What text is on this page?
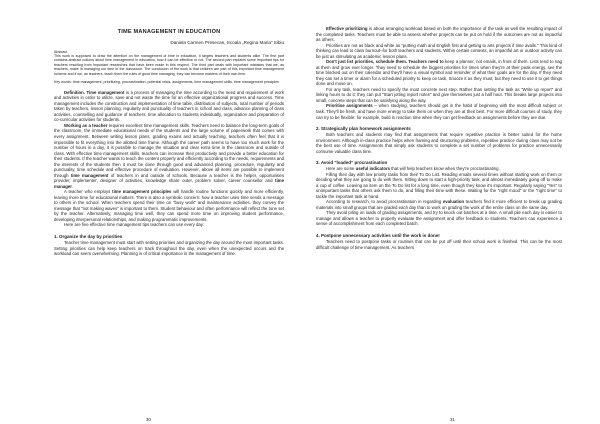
TIME MANAGEMENT IN EDUCATION
Daniela Carmen Presecan, Scoala „Regina Maria” Sibiu

Abstract

This work is supposed to draw the attention on the management of time in education, it targets teachers and students alike. The first part contains abstract notions about time management in education, how it can be effective or not. The second part explains some important tips for teachers resulting from important researches that have been made in this respect. The third part deals with important mistakes that we, as teachers, make in managing our time in the classroom. The conclusion of the work is that children are part of this important time management scheme and if we, as teachers, teach them the rules of good time managing, they can become masters of their own time.

Key words: time management, prioritizing, procrastination, potential crisis, assignments, time management skills, time management principles

Definition. Time management is a process of managing the time according to the need and requirement of work and activities in order to utilize, save and not waste the time for an effective organizational progress and success. Time management includes the construction and implementation of time table, distribution of subjects, total number of periods taken by teachers, lesson planning, regularity and punctuality of teachers in school and class, advance planning of class activities, counselling and guidance of teachers, time allocation to students individually, organization and preparation of co-curricular activities for students.

Working as a teacher requires excellent time management skills. Teachers need to balance the long-term goals of the classroom, the immediate educational needs of the students and the large volume of paperwork that comes with every assignment. Between writing lesson plans, grading exams and actually teaching, teachers often feel that it is impossible to fit everything into the allotted time frame. Although the career path seems to have too much work for the number of hours in a day, it is possible to manage the situation and clear extra time in the classroom and outside of class. With effective time management skills, teachers can increase their productivity and provide a better education for their students. If the teacher wants to teach the content properly and efficiently according to the needs, requirements and the interests of the students then it must be done through good and advanced planning, procedure, regularity and punctuality, time schedule and effective procedure of evaluation. However, above all items are possible to implement through time management of teachers in and outside of schools. Because a teacher is the helper, opportunities provider, implementer, designer of activities, knowledge share outer, problem solver, career counsellor and time manager.

A teacher who employs time management principles will handle routine functions quickly and more efficiently, leaving more time for educational matters. There is also a symbolic concern: how a teacher uses time sends a message to others in the school. When teachers spend their time on "busy work" and maintenance activities, they convey the message that "not making waves" is important to them. Student behaviour and often performance will reflect the tone set by the teacher. Alternatively, managing time well, they can spend more time on improving student performance, developing interpersonal relationships, and making programmatic improvements.

Here are five effective time management tips teachers can use every day:

1. Organize the day by priorities

Teacher time management must start with setting priorities and organizing the day around the most important tasks. Setting priorities can help keep teachers on track throughout the day, even when the unexpected occurs and the workload can seem overwhelming. Planning is of critical importance in the management of time.

30

Effective prioritizing is about arranging workload based on both the importance of the task as well the resulting impact of the completed tasks. Teachers must be able to assess whether projects can be put on hold if the outcomes are not as impactful as others.

Priorities are not as black and white as "putting math and English first and getting to arts projects if time avails." This kind of thinking can lead to class burnout–for both teachers and students. Within certain contexts, an impactful art or outdoor activity can be just as stimulating as academic lesson plans.

Don't just list priorities, schedule them. Teachers need to keep a planner, not emails, in front of them. Lists tend to nag at them and grow ever longer. They need to schedule the biggest priorities for times when they're at their peak energy, see the time blocked out on their calendar and they'll have a visual symbol and reminder of what their goals are for the day. If they need they can set a timer or alarm for a scheduled priority to keep on task, Snooze it as they must, but they need to use it to get things done and move on.

For any task, teachers need to specify the most concrete next step. Rather than setting the task as "Write up report" and linking hours to do it; they can put "Start jotting report notes" and give themselves just a half hour. This breaks large projects into small, concrete steps that can be satisfying along the way.

Prioritise assignments – when studying, teachers should get in the habit of beginning with the most difficult subject or task. They'll be fresh, and have more energy to take them on when they are at their best. For more difficult courses of study, they can try to be flexible: for example, build in reaction time when they can get feedback on assignments before they are due.

2. Strategically plan homework assignments

Both teachers and students may find that assignments that require repetitive practice is better suited for the home environment. Although in-class practice helps when framing and structuring problems, repetitive practice during class may not be the best use of time. Assignments that simply ask students to complete a set number of problems for practice unnecessarily consume valuable class time.

3. Avoid "loaded" procrastination

Here are some useful indicators that will help teachers know when they're procrastinating.

Filling their day with low priority tasks from their To Do List. Reading emails several times without starting work on them or deciding what they are going to do with them. Sitting down to start a high-priority task, and almost immediately going off to make a cup of coffee. Leaving an item on the To Do list for a long time, even though they know it's important. Regularly saying "Yes" to unimportant tasks that others ask them to do, and filling their time with these. Waiting for the "right mood" or the "right time" to tackle the important task at hand.

According to research, to avoid procrastination in regarding evaluation teachers find it more efficient to break up grading materials into small groups that are graded each day than to work on grading the work of the entire class on the same day.

They avoid piling on loads of grading assignments, and try to knock out batches at a time. A small pile each day is easier to manage and allows a teacher to properly evaluate the assignment and offer feedback to students. Teachers can experience a sense of accomplishment from each completed batch.

4. Postpone unnecessary activities until the work is done!

Teachers need to postpone tasks or routines that can be put off until their school work is finished. This can be the most difficult challenge of time management. As teachers

31
